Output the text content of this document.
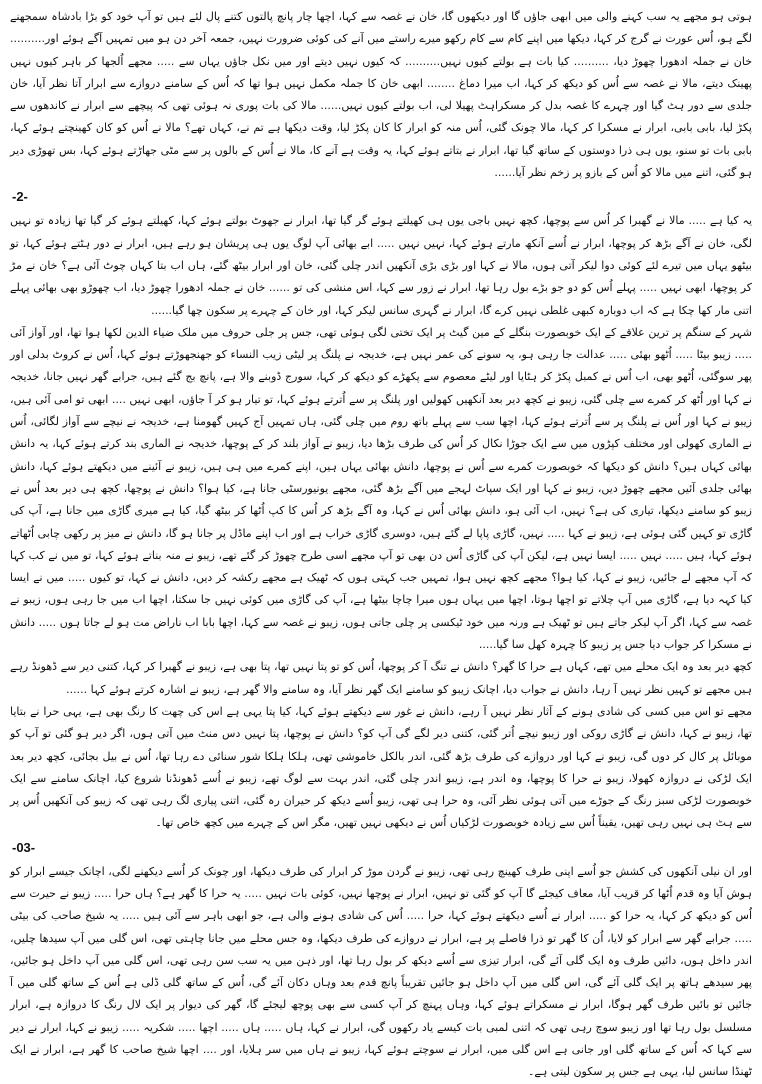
ہوتی ہو مجھے یہ سب کہنے والی میں ابھی جاؤں گا اور دیکھوں گا، خان نے غصہ سے کہا، اچھا چار پانچ پالتوں کتنے پال لئے ہیں تو آپ خود کو بڑا بادشاہ سمجھنے لگے ہو، اُس عورت نے گرج کر کہا، دیکھا میں اپنے کام سے کام رکھو میرے راستے میں آنے کی کوئی ضرورت نہیں، جمعہ آخر دن ہو میں تمہیں آگے ہوئے اور.......... خان نے جملہ ادھورا چھوڑ دیا، .......... کیا بات ہے بولتے کیوں نہیں.......... کہ کیوں نہیں دیتے اور میں نکل جاؤں یہاں سے ..... مجھے اُلجھا کر باہر کیوں نہیں پھینک دیتے، مالا نے غصہ سے اُس کو دیکھ کر کہا، اب میرا دماغ ........ ابھی خان کا جملہ مکمل نہیں ہوا تھا کہ اُس کے سامنے دروازے سے ابرار آتا نظر آیا، خان جلدی سے دور ہٹ گیا اور چہرے کا غصہ بدل کر مسکراہٹ پھیلا لی، اب بولتے کیوں نہیں...... مالا کی بات پوری نہ ہوئی تھی کہ پیچھے سے ابرار نے کاندھوں سے پکڑ لیا، بابی بابی، ابرار نے مسکرا کر کہا، مالا چونک گئی، اُس منہ کو ابرار کا کان پکڑ لیا، وقت دیکھا ہے تم نے، کہاں تھے؟ مالا نے اُس کو کان کھینچتے ہوئے کہا، بابی بات تو سنو، یوں ہی ذرا دوستوں کے ساتھ گیا تھا، ابرار نے بتاتے ہوئے کہا، یہ وقت ہے آنے کا، مالا نے اُس کے بالوں پر سے مٹی جھاڑتے ہوئے کہا، بس تھوڑی دیر ہو گئی، اتنے میں مالا کو اُس کے بازو پر زخم نظر آیا......

-2-

یہ کیا ہے ..... مالا نے گھبرا کر اُس سے پوچھا، کچھ نہیں باجی یوں ہی کھیلتے ہوئے گر گیا تھا، ابرار نے جھوٹ بولتے ہوئے کہا، کھیلتے ہوئے کر گیا تھا زیادہ تو نہیں لگی، خان نے آگے بڑھ کر پوچھا، ابرار نے اُسے آنکھ مارتے ہوئے کہا، نہیں نہیں ..... ابے بھائی آپ لوگ یوں ہی پریشان ہو رہے ہیں، ابرار نے دور ہٹتے ہوئے کہا، تو بیٹھو یہاں میں تیرے لئے کوئی دوا لیکر آتی ہوں، مالا نے کہا اور بڑی بڑی آنکھیں اندر چلی گئی، خان اور ابرار بیٹھ گئے، ہاں اب بتا کہاں چوٹ آئی ہے؟ خان نے مڑ کر پوچھا، ابھی نہیں ..... پہلے اُس کو دو جو بڑے بول رہا تھا، ابرار نے زور سے کہا، اس منشی کی تو ...... خان نے جملہ ادھورا چھوڑ دیا، اب چھوڑو بھی بھائی پہلے اتنی مار کھا چکا ہے کہ اب دوبارہ کبھی غلطی نہیں کرے گا، ابرار نے گہری سانس لیکر کہا، اور خان کے چہرے پر سکون چھا گیا......

شہر کے سنگم پر ترین علاقے کے ایک خوبصورت بنگلے کے مین گیٹ پر ایک تختی لگی ہوئی تھی، جس پر جلی حروف میں ملک ضیاء الدین لکھا ہوا تھا، اور آواز آئی ..... زیبو بیٹا ..... اُٹھو بھئی ..... عدالت جا رہی ہو، یہ سونے کی عمر نہیں ہے، خدیجہ نے پلنگ پر لیٹی زیب النساء کو جھنجھوڑتے ہوئے کہا، اُس نے کروٹ بدلی اور پھر سوگئی، اُٹھو بھی، اب اُس نے کمبل پکڑ کر ہٹایا اور لیٹے معصوم سے پکھڑے کو دیکھ کر کہا، سورج ڈوبنے والا ہے، پانچ بج گئے ہیں، جرابے گھر نہیں جانا، خدیجہ نے کہا اور اُٹھ کر کمرے سے چلی گئی، زیبو نے کچھ دیر بعد آنکھیں کھولیں اور پلنگ پر سے اُترتے ہوئے کہا، تو تیار ہو کر آ جاؤں، ابھی نہیں .... ابھی تو امی آئی ہیں، زیبو نے کہا اور اُس نے پلنگ پر سے اُترتے ہوئے کہا، اچھا سب سے پہلے باتھ روم میں چلی گئی، ہاں تمہیں آج کہیں گھومنا ہے، خدیجہ نے نیچے سے آواز لگائی، اُس نے الماری کھولی اور مختلف کپڑوں میں سے ایک جوڑا نکال کر اُس کی طرف بڑھا دیا، زیبو نے آواز بلند کر کے پوچھا، خدیجہ نے الماری بند کرتے ہوئے کہا، یہ دانش بھائی کہاں ہیں؟ دانش کو دیکھا کہ خوبصورت کمرے سے اُس نے پوچھا، دانش بھائی یہاں ہیں، اپنے کمرے میں ہی ہیں، زیبو نے آئینے میں دیکھتے ہوئے کہا، دانش بھائی جلدی آئیں مجھے چھوڑ دیں، زیبو نے کہا اور ایک سپاٹ لہجے میں آگے بڑھ گئی، مجھے یونیورسٹی جانا ہے، کیا ہوا؟ دانش نے پوچھا، کچھ ہی دیر بعد اُس نے زیبو کو سامنے دیکھا، تیاری کی ہے؟ نہیں، اب آئی ہو، دانش بھائی اُس نے کہا، وہ آگے بڑھ کر اُس کا کپ اُٹھا کر بیٹھ گیا، کیا ہے میری گاڑی میں جانا ہے، آپ کی گاڑی تو کہیں گئی ہوئی ہے، زیبو نے کہا ..... نہیں، گاڑی پاپا لے گئے ہیں، دوسری گاڑی خراب ہے اور اب اپنے ماڈل پر جانا ہو گا، دانش نے میز پر رکھی چابی اُٹھاتے ہوئے کہا، ہیں ..... نہیں ..... ایسا نہیں ہے، لیکن آپ کی گاڑی اُس دن بھی تو آپ مجھے اسی طرح چھوڑ کر گئے تھے، زیبو نے منہ بناتے ہوئے کہا، تو میں نے کب کہا کہ آپ مجھے لے جائیں، زیبو نے کہا، کیا ہوا؟ مجھے کچھ نہیں ہوا، تمہیں جب کہتی ہوں کہ ٹھیک ہے مجھے رکشہ کر دیں، دانش نے کہا، تو کیوں ..... میں نے ایسا کیا کہہ دیا ہے، گاڑی میں آپ چلاتے تو اچھا ہوتا، اچھا میں یہاں ہوں میرا چاچا بیٹھا ہے، آپ کی گاڑی میں کوئی نہیں جا سکتا، اچھا اب میں جا رہی ہوں، زیبو نے غصہ سے کہا، اگر آپ لیکر جاتے ہیں تو ٹھیک ہے ورنہ میں خود ٹیکسی پر چلی جاتی ہوں، زیبو نے غصہ سے کہا، اچھا بابا اب ناراض مت ہو لے جاتا ہوں ..... دانش نے مسکرا کر جواب دیا جس پر زیبو کا چہرہ کھل سا گیا.....

کچھ دیر بعد وہ ایک محلے میں تھے، کہاں ہے حرا کا گھر؟ دانش نے تنگ آ کر پوچھا، اُس کو تو پتا نہیں تھا، پتا بھی ہے، زیبو نے گھبرا کر کہا، کتنی دیر سے ڈھونڈ رہے ہیں مجھے تو کہیں نظر نہیں آ رہا، دانش نے جواب دیا، اچانک زیبو کو سامنے ایک گھر نظر آیا، وہ سامنے والا گھر ہے، زیبو نے اشارہ کرتے ہوئے کہا ......

مجھے تو اس میں کسی کی شادی ہونے کے آثار نظر نہیں آ رہے، دانش نے غور سے دیکھتے ہوئے کہا، کیا پتا یہی ہے اس کی چھت کا رنگ بھی ہے، یہی حرا نے بتایا تھا، زیبو نے کہا، دانش نے گاڑی روکی اور زیبو نیچے اُتر گئی، کتنی دیر لگے گی آپ کو؟ دانش نے پوچھا، پتا نہیں دس منٹ میں آتی ہوں، اگر دیر ہو گئی تو آپ کو موبائل پر کال کر دوں گی، زیبو نے کہا اور دروازے کی طرف بڑھ گئی، اندر بالکل خاموشی تھی، ہلکا ہلکا شور سنائی دے رہا تھا، اُس نے بیل بجائی، کچھ دیر بعد ایک لڑکی نے دروازہ کھولا، زیبو نے حرا کا پوچھا، وہ اندر ہے، زیبو اندر چلی گئی، اندر بہت سے لوگ تھے، زیبو نے اُسے ڈھونڈنا شروع کیا، اچانک سامنے سے ایک خوبصورت لڑکی سبز رنگ کے جوڑے میں آتی ہوئی نظر آئی، وہ حرا ہی تھی، زیبو اُسے دیکھ کر حیران رہ گئی، اتنی پیاری لگ رہی تھی کہ زیبو کی آنکھیں اُس پر سے ہٹ ہی نہیں رہی تھیں، یقیناً اُس سے زیادہ خوبصورت لڑکیاں اُس نے دیکھی نہیں تھیں، مگر اس کے چہرے میں کچھ خاص تھا۔

-03-

اور ان نیلی آنکھوں کی کشش جو اُسے اپنی طرف کھینچ رہی تھی، زیبو نے گردن موڑ کر ابرار کی طرف دیکھا، اور چونک کر اُسے دیکھنے لگی، اچانک جیسے ابرار کو ہوش آیا وہ قدم اُٹھا کر قریب آیا، معاف کیجئے گا آپ کو گئی تو نہیں، ابرار نے پوچھا نہیں، کوئی بات نہیں ..... یہ حرا کا گھر ہے؟ ہاں حرا ..... زیبو نے حیرت سے اُس کو دیکھ کر کہا، یہ حرا کو ..... ابرار نے اُسے دیکھتے ہوئے کہا، حرا ..... اُس کی شادی ہونے والی ہے، جو ابھی باہر سے آئی ہیں ..... یہ شیخ صاحب کی بیٹی ..... جرابے گھر سے ابرار کو لایا، اُن کا گھر تو ذرا فاصلے پر ہے، ابرار نے دروازے کی طرف دیکھا، وہ جس محلے میں جانا چاہتی تھی، اس گلی میں آپ سیدھا چلیں، اندر داخل ہوں، دائیں طرف وہ ایک گلی آئے گی، ابرار تیزی سے اُسے دیکھ کر بول رہا تھا، اور ذہن میں یہ سب سن رہی تھی، اس گلی میں آپ داخل ہو جائیں، پھر سیدھے ہاتھ پر ایک گلی آئے گی، اس گلی میں آپ داخل ہو جائیں تقریباً پانچ قدم بعد وہاں دکان آئے گی، اُس کے ساتھ گلی ڈلی ہے اُس کے ساتھ گلی میں آ جائیں تو بائیں طرف گھر ہوگا، ابرار نے مسکراتے ہوئے کہا، وہاں پہنچ کر آپ کسی سے بھی پوچھ لیجئے گا، گھر کی دیوار پر ایک لال رنگ کا دروازہ ہے، ابرار مسلسل بول رہا تھا اور زیبو سوچ رہی تھی کہ اتنی لمبی بات کیسے یاد رکھوں گی، ابرار نے کہا، ہاں ..... ہاں ..... اچھا ..... شکریہ ..... زیبو نے کہا، ابرار نے دیر سے کہا کہ اُس کے ساتھ گلی اور جانی ہے اس گلی میں، ابرار نے سوچتے ہوئے کہا، زیبو نے ہاں میں سر ہلایا، اور .... اچھا شیخ صاحب کا گھر ہے، ابرار نے ایک ٹھنڈا سانس لیا، یہی ہے جس پر سکون لیتی ہے۔
